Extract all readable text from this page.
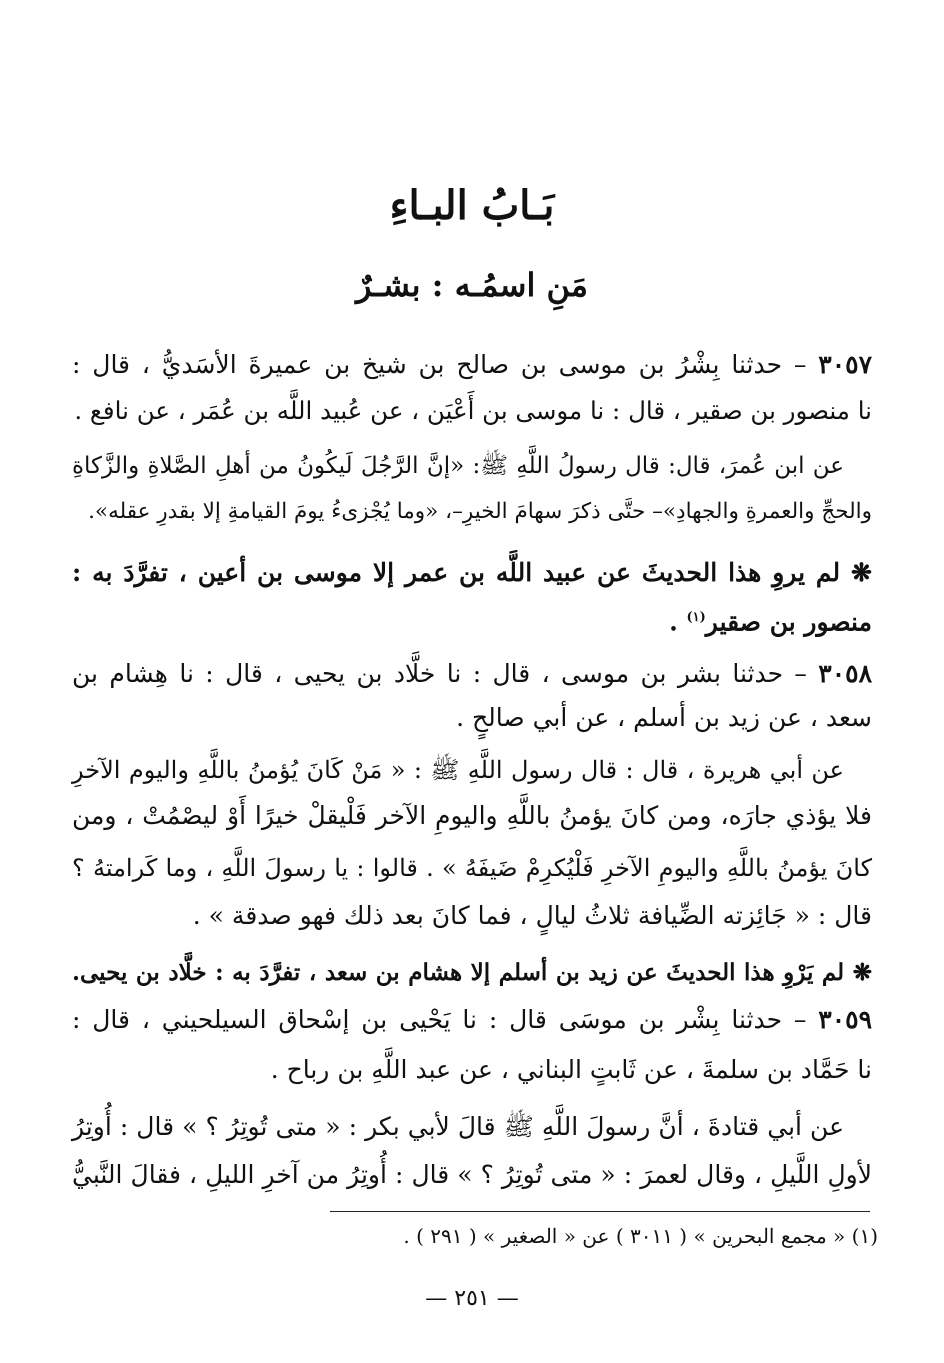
بَـابُ البـاءِ
مَنِ اسمُـه : بشـرٌ
٣٠٥٧ – حدثنا بِشْرُ بن موسى بن صالح بن شيخ بن عميرةَ الأسَديُّ ، قال :
نا منصور بن صقير ، قال : نا موسى بن أَعْيَن ، عن عُبيد اللَّه بن عُمَر ، عن نافع .
عن ابن عُمرَ، قال: قال رسولُ اللَّهِ ﷺ: «إنَّ الرَّجُلَ لَيكُونُ من أهلِ الصَّلاةِ والزَّكاةِ
والحجِّ والعمرةِ والجهادِ»– حتَّى ذكرَ سهامَ الخيرِ–، «وما يُجْزىءُ يومَ القيامةِ إلا بقدرِ عقله».
❋ لم يروِ هذا الحديثَ عن عبيد اللَّه بن عمر إلا موسى بن أعين ، تفرَّدَ به :
منصور بن صقير$^{(١)}$ .
٣٠٥٨ – حدثنا بشر بن موسى ، قال : نا خلَّاد بن يحيى ، قال : نا هِشام بن
سعد ، عن زيد بن أسلم ، عن أبي صالحٍ .
عن أبي هريرة ، قال : قال رسول اللَّهِ ﷺ : « مَنْ كَانَ يُؤمنُ باللَّهِ واليوم الآخرِ
فلا يؤذي جارَه، ومن كانَ يؤمنُ باللَّهِ واليومِ الآخر فَلْيقلْ خيرًا أَوْ ليصْمُتْ ، ومن
كانَ يؤمنُ باللَّهِ واليومِ الآخرِ فَلْيُكرِمْ ضَيفَهُ » . قالوا : يا رسولَ اللَّهِ ، وما كَرامتهُ ؟
قال : « جَائِزته الضِّيافة ثلاثُ ليالٍ ، فما كانَ بعد ذلك فهو صدقة » .
❋ لم يَرْوِ هذا الحديثَ عن زيد بن أسلم إلا هشام بن سعد ، تفرَّدَ به : خلَّاد بن يحيى.
٣٠٥٩ – حدثنا بِشْر بن موسَى قال : نا يَحْيى بن إسْحاق السيلحيني ، قال :
نا حَمَّاد بن سلمةَ ، عن ثَابتٍ البناني ، عن عبد اللَّهِ بن رباح .
عن أبي قتادةَ ، أنَّ رسولَ اللَّهِ ﷺ قالَ لأبي بكر : « متى تُوتِرُ ؟ » قال : أُوتِرُ
لأولِ اللَّيلِ ، وقال لعمرَ : « متى تُوتِرُ ؟ » قال : أُوتِرُ من آخرِ الليلِ ، فقالَ النَّبيُّ
(١) « مجمع البحرين » ( ٣٠١١ ) عن « الصغير » ( ٢٩١ ) .
— ٢٥١ —
